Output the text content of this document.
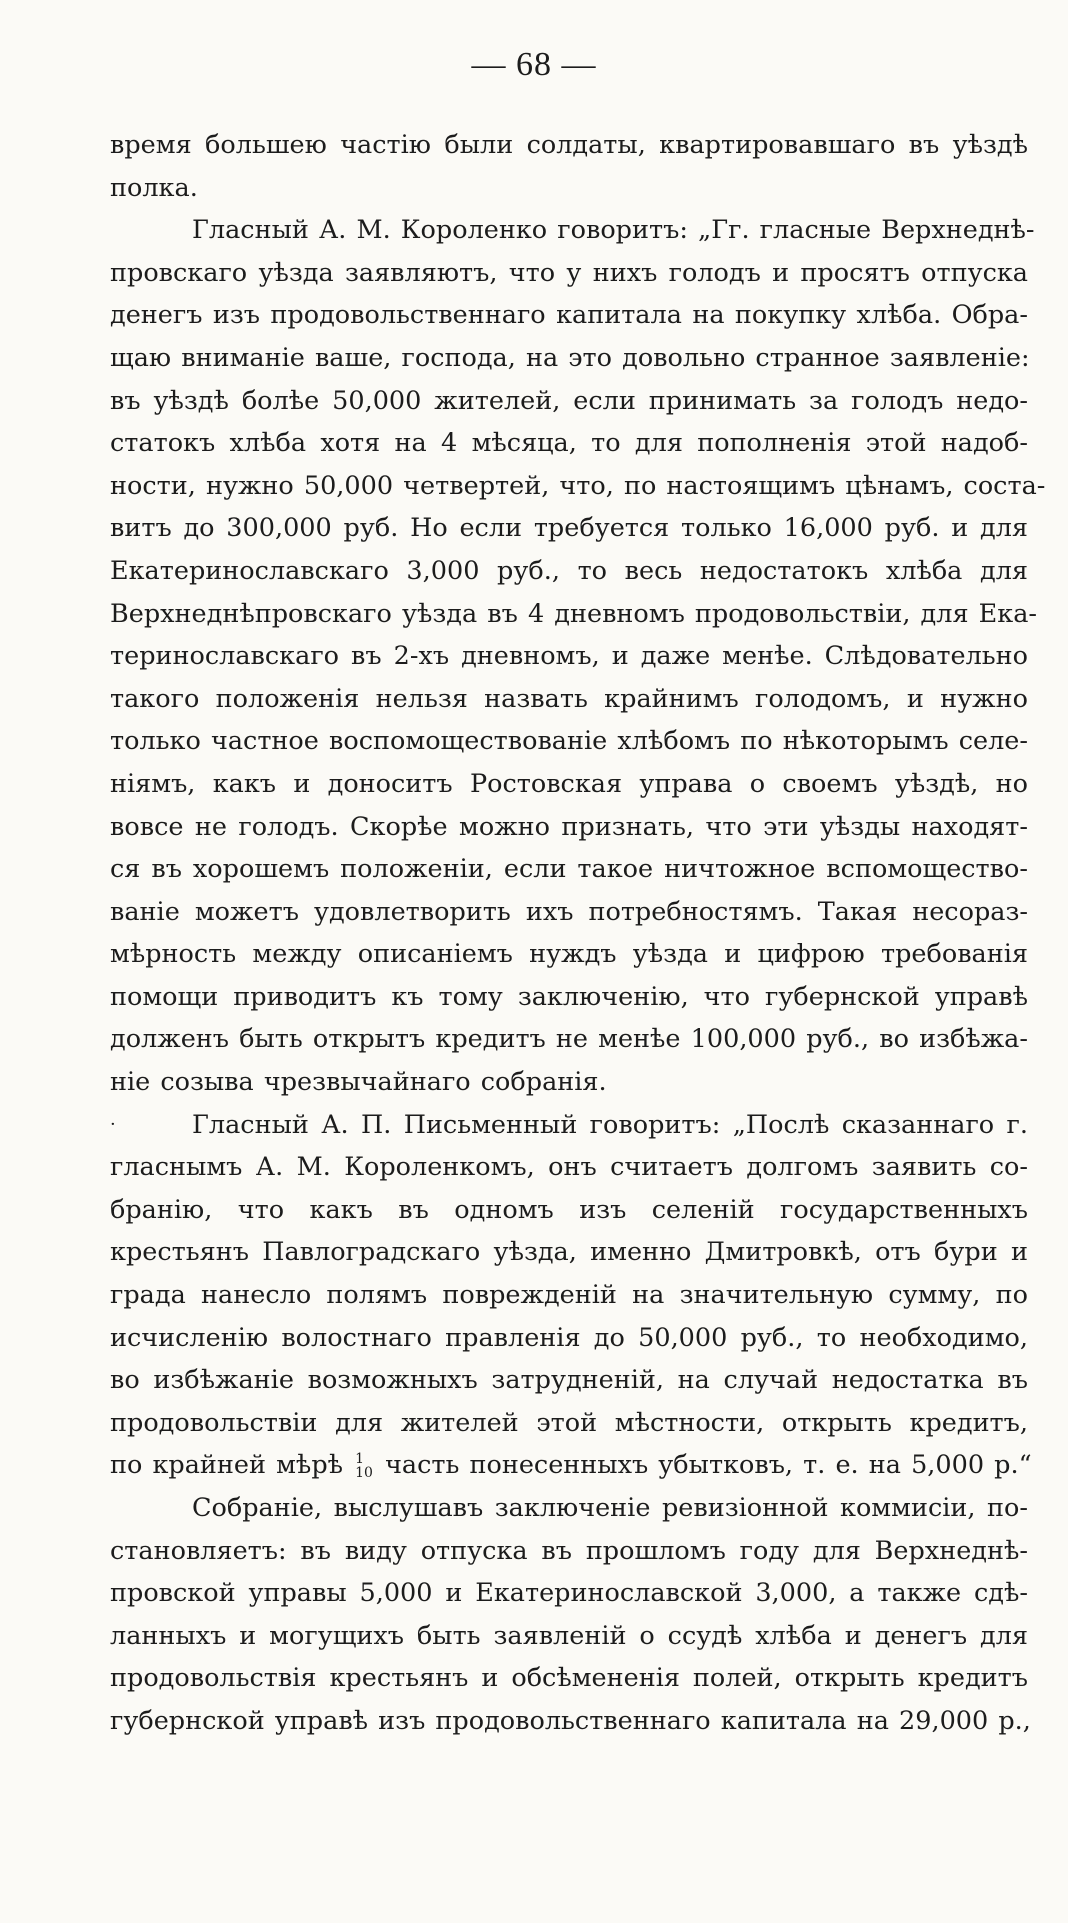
— 68 —
время большею частію были солдаты, квартировавшаго въ уѣздѣ
полка.
Гласный А. М. Короленко говоритъ: „Гг. гласные Верхнеднѣ-
провскаго уѣзда заявляютъ, что у нихъ голодъ и просятъ отпуска
денегъ изъ продовольственнаго капитала на покупку хлѣба. Обра-
щаю вниманіе ваше, господа, на это довольно странное заявленіе:
въ уѣздѣ болѣе 50,000 жителей, если принимать за голодъ недо-
статокъ хлѣба хотя на 4 мѣсяца, то для пополненія этой надоб-
ности, нужно 50,000 четвертей, что, по настоящимъ цѣнамъ, соста-
витъ до 300,000 руб. Но если требуется только 16,000 руб. и для
Екатеринославскаго 3,000 руб., то весь недостатокъ хлѣба для
Верхнеднѣпровскаго уѣзда въ 4 дневномъ продовольствіи, для Ека-
теринославскаго въ 2-хъ дневномъ, и даже менѣе. Слѣдовательно
такого положенія нельзя назвать крайнимъ голодомъ, и нужно
только частное воспомоществованіе хлѣбомъ по нѣкоторымъ селе-
ніямъ, какъ и доноситъ Ростовская управа о своемъ уѣздѣ, но
вовсе не голодъ. Скорѣе можно признать, что эти уѣзды находят-
ся въ хорошемъ положеніи, если такое ничтожное вспомощество-
ваніе можетъ удовлетворить ихъ потребностямъ. Такая несораз-
мѣрность между описаніемъ нуждъ уѣзда и цифрою требованія
помощи приводитъ къ тому заключенію, что губернской управѣ
долженъ быть открытъ кредитъ не менѣе 100,000 руб., во избѣжа-
ніе созыва чрезвычайнаго собранія.
·	Гласный А. П. Письменный говоритъ: „Послѣ сказаннаго г.
гласнымъ А. М. Короленкомъ, онъ считаетъ долгомъ заявить со-
бранію, что какъ въ одномъ изъ селеній государственныхъ
крестьянъ Павлоградскаго уѣзда, именно Дмитровкѣ, отъ бури и
града нанесло полямъ поврежденій на значительную сумму, по
исчисленію волостнаго правленія до 50,000 руб., то необходимо,
во избѣжаніе возможныхъ затрудненій, на случай недостатка въ
продовольствіи для жителей этой мѣстности, открыть кредитъ,
по крайней мѣрѣ 1
10 часть понесенныхъ убытковъ, т. е. на 5,000 р.“
Собраніе, выслушавъ заключеніе ревизіонной коммисіи, по-
становляетъ: въ виду отпуска въ прошломъ году для Верхнеднѣ-
провской управы 5,000 и Екатеринославской 3,000, а также сдѣ-
ланныхъ и могущихъ быть заявленій о ссудѣ хлѣба и денегъ для
продовольствія крестьянъ и обсѣмененія полей, открыть кредитъ
губернской управѣ изъ продовольственнаго капитала на 29,000 р.,
